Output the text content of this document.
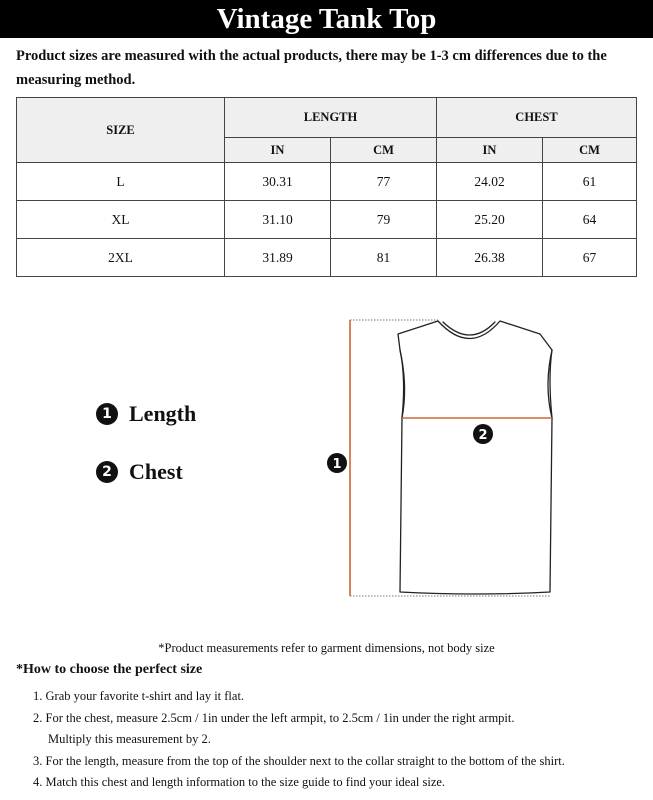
Vintage Tank Top
Product sizes are measured with the actual products, there may be 1-3 cm differences due to the measuring method.
SIZE	LENGTH		CHEST	
	IN	CM	IN	CM
L	30.31	77	24.02	61
XL	31.10	79	25.20	64
2XL	31.89	81	26.38	67
1 Length
2 Chest	1
2
*Product measurements refer to garment dimensions, not body size
*How to choose the perfect size
1. Grab your favorite t-shirt and lay it flat.
2. For the chest, measure 2.5cm / 1in under the left armpit, to 2.5cm / 1in under the right armpit.
Multiply this measurement by 2.
3. For the length, measure from the top of the shoulder next to the collar straight to the bottom of the shirt.
4. Match this chest and length information to the size guide to find your ideal size.
